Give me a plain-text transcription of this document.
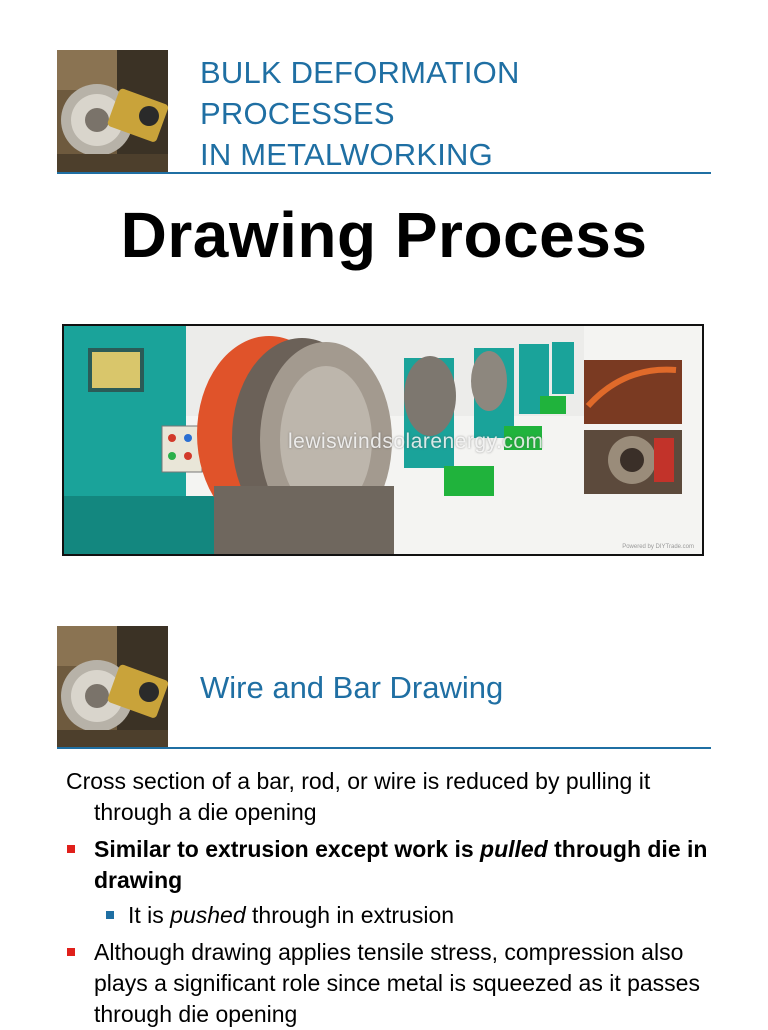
BULK DEFORMATION
PROCESSES
IN METALWORKING
Drawing Process
lewiswindsolarenergy.com
Powered by DIYTrade.com
Wire and Bar Drawing

Cross section of a bar, rod, or wire is reduced by pulling it through a die opening

Similar to extrusion except work is pulled through die in drawing
It is pushed through in extrusion
Although drawing applies tensile stress, compression also plays a significant role since metal is squeezed as it passes through die opening
